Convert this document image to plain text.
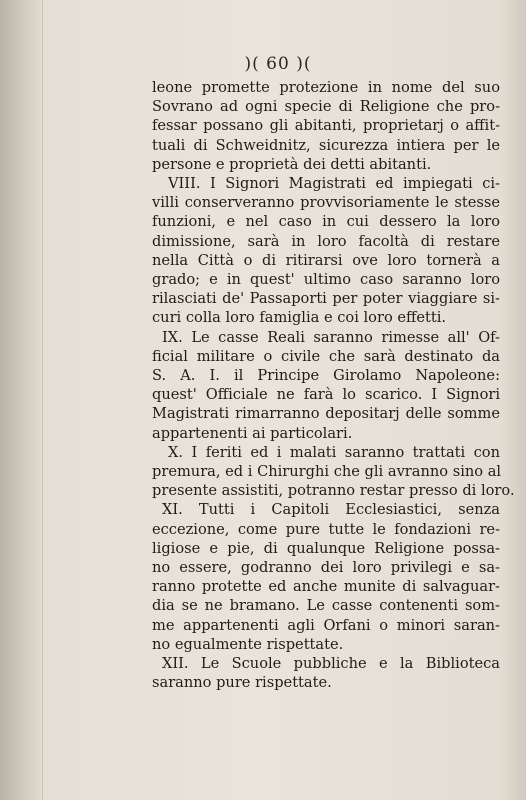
)( 60 )(
leone promette protezione in nome del suo
Sovrano ad ogni specie di Religione che pro-
fessar possano gli abitanti, proprietarj o affit-
tuali di Schweidnitz, sicurezza intiera per le
persone e proprietà dei detti abitanti.
VIII. I Signori Magistrati ed impiegati ci-
villi conserveranno provvisoriamente le stesse
funzioni, e nel caso in cui dessero la loro
dimissione, sarà in loro facoltà di restare
nella Città o di ritirarsi ove loro tornerà a
grado; e in quest' ultimo caso saranno loro
rilasciati de' Passaporti per poter viaggiare si-
curi colla loro famiglia e coi loro effetti.
IX. Le casse Reali saranno rimesse all' Of-
ficial militare o civile che sarà destinato da
S. A. I. il Principe Girolamo Napoleone:
quest' Officiale ne farà lo scarico. I Signori
Magistrati rimarranno depositarj delle somme
appartenenti ai particolari.
X. I feriti ed i malati saranno trattati con
premura, ed i Chirurghi che gli avranno sino al
presente assistiti, potranno restar presso di loro.
XI. Tutti i Capitoli Ecclesiastici, senza
eccezione, come pure tutte le fondazioni re-
ligiose e pie, di qualunque Religione possa-
no essere, godranno dei loro privilegi e sa-
ranno protette ed anche munite di salvaguar-
dia se ne bramano. Le casse contenenti som-
me appartenenti agli Orfani o minori saran-
no egualmente rispettate.
XII. Le Scuole pubbliche e la Biblioteca
saranno pure rispettate.
